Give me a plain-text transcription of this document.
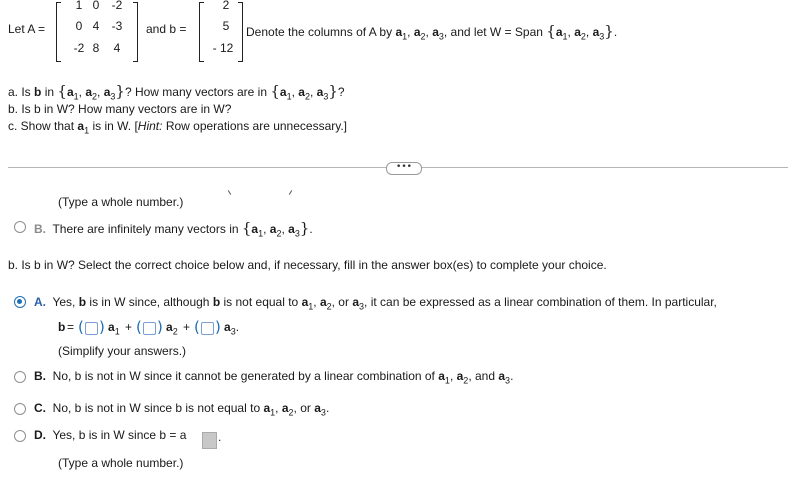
Let A =
1 0	-2
0 4	-3
-2 8	4
and b =
2
5
- 12
Denote the columns of A by $a_1$, $a_2$, $a_3$, and let W = Span {$a_1$, $a_2$, $a_3$}.
a. Is b in {$a_1$, $a_2$, $a_3$}? How many vectors are in {$a_1$, $a_2$, $a_3$}?
b. Is b in W? How many vectors are in W?
c. Show that $a_1$ is in W. [Hint: Row operations are unnecessary.]
•••
(Type a whole number.)
B. There are infinitely many vectors in {$a_1$, $a_2$, $a_3$}.
b. Is b in W? Select the correct choice below and, if necessary, fill in the answer box(es) to complete your choice.
A. Yes, b is in W since, although b is not equal to $a_1$, $a_2$, or $a_3$, it can be expressed as a linear combination of them. In particular,
b = ( ) $a_1$ + ( ) $a_2$ + ( ) $a_3$.
(Simplify your answers.)
B. No, b is not in W since it cannot be generated by a linear combination of $a_1$, $a_2$, and $a_3$.
C. No, b is not in W since b is not equal to $a_1$, $a_2$, or $a_3$.
D. Yes, b is in W since b = a	.
(Type a whole number.)
